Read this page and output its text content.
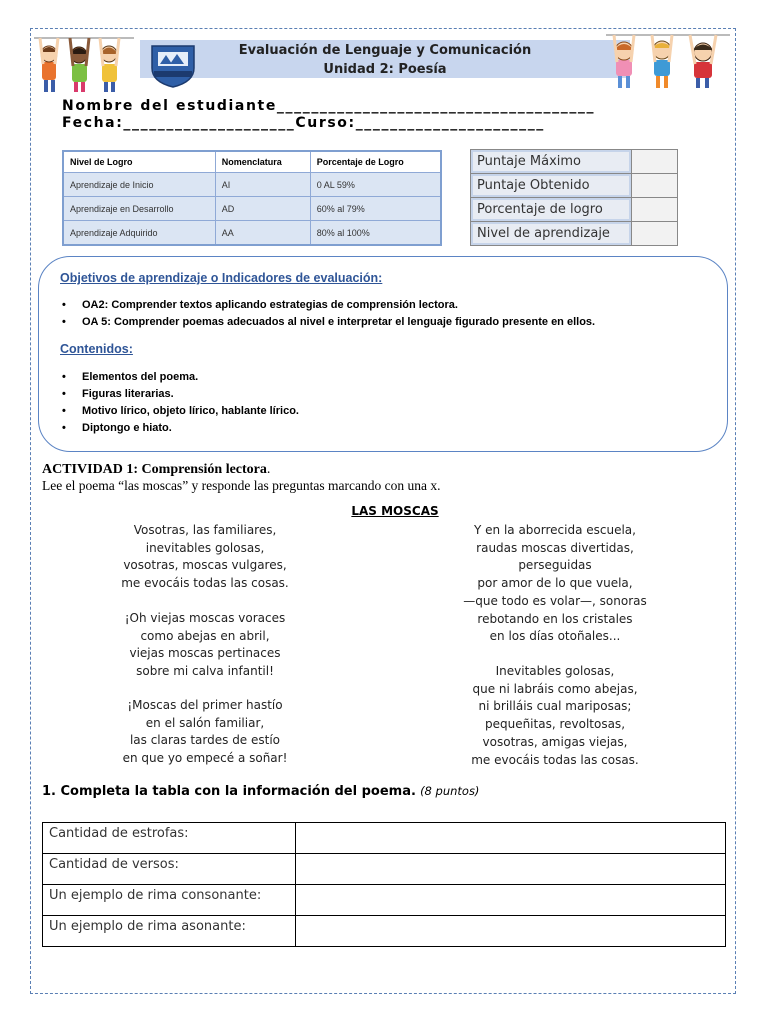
Evaluación de Lenguaje y Comunicación
Unidad 2: Poesía
Nombre del estudiante_____________________________________
Fecha:____________________Curso:______________________
Nivel de Logro	Nomenclatura	Porcentaje de Logro
Aprendizaje de Inicio	AI	0 AL 59%
Aprendizaje en Desarrollo	AD	60% al 79%
Aprendizaje Adquirido	AA	80% al 100%
Puntaje Máximo	
Puntaje Obtenido	
Porcentaje de logro	
Nivel de aprendizaje	
Objetivos de aprendizaje o Indicadores de evaluación:
• OA2: Comprender textos aplicando estrategias de comprensión lectora.
• OA 5: Comprender poemas adecuados al nivel e interpretar el lenguaje figurado presente en ellos.
Contenidos:
• Elementos del poema.
• Figuras literarias.
• Motivo lírico, objeto lírico, hablante lírico.
• Diptongo e hiato.
ACTIVIDAD 1: Comprensión lectora.
Lee el poema “las moscas” y responde las preguntas marcando con una x.
LAS MOSCAS
Vosotras, las familiares,
inevitables golosas,
vosotras, moscas vulgares,
me evocáis todas las cosas.
¡Oh viejas moscas voraces
como abejas en abril,
viejas moscas pertinaces
sobre mi calva infantil!
¡Moscas del primer hastío
en el salón familiar,
las claras tardes de estío
en que yo empecé a soñar!
Y en la aborrecida escuela,
raudas moscas divertidas,
perseguidas
por amor de lo que vuela,
—que todo es volar—, sonoras
rebotando en los cristales
en los días otoñales...
Inevitables golosas,
que ni labráis como abejas,
ni brilláis cual mariposas;
pequeñitas, revoltosas,
vosotras, amigas viejas,
me evocáis todas las cosas.
1. Completa la tabla con la información del poema. (8 puntos)
Cantidad de estrofas:	
Cantidad de versos:	
Un ejemplo de rima consonante:	
Un ejemplo de rima asonante:	
